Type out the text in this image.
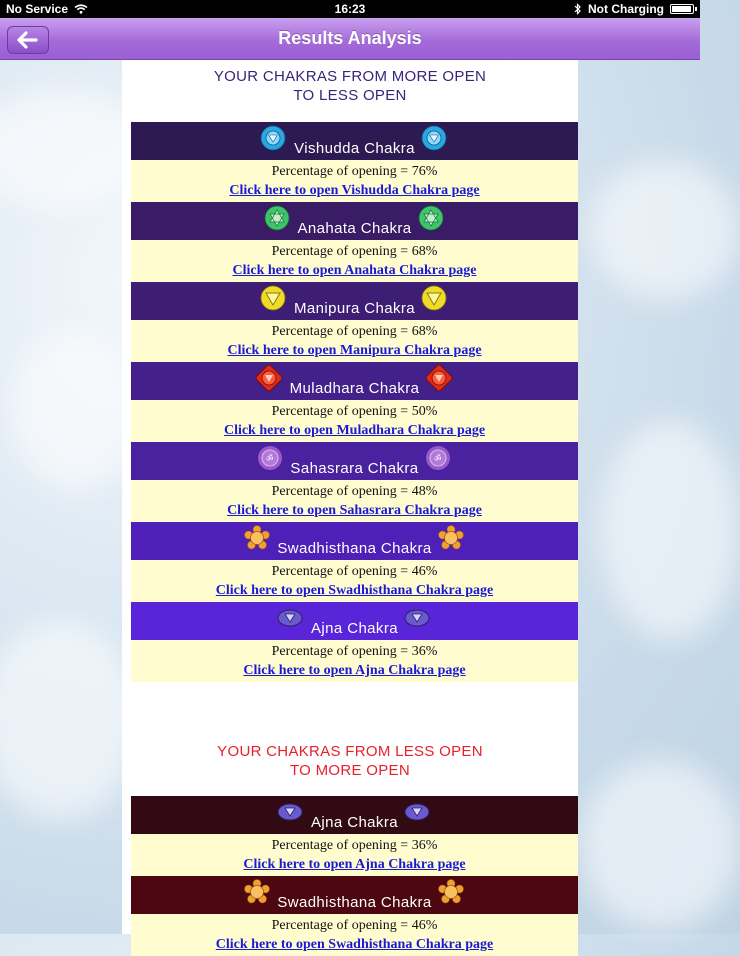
No Service	16:23	Not Charging
Results Analysis
YOUR CHAKRAS FROM MORE OPEN
TO LESS OPEN
Vishudda Chakra
Percentage of opening = 76%
Click here to open Vishudda Chakra page
Anahata Chakra
Percentage of opening = 68%
Click here to open Anahata Chakra page
Manipura Chakra
Percentage of opening = 68%
Click here to open Manipura Chakra page
Muladhara Chakra
Percentage of opening = 50%
Click here to open Muladhara Chakra page
Sahasrara Chakra
ॐ	ॐ
Percentage of opening = 48%
Click here to open Sahasrara Chakra page
Swadhisthana Chakra
Percentage of opening = 46%
Click here to open Swadhisthana Chakra page
Ajna Chakra
Percentage of opening = 36%
Click here to open Ajna Chakra page
YOUR CHAKRAS FROM LESS OPEN
TO MORE OPEN
Ajna Chakra
Percentage of opening = 36%
Click here to open Ajna Chakra page
Swadhisthana Chakra
Percentage of opening = 46%
Click here to open Swadhisthana Chakra page
